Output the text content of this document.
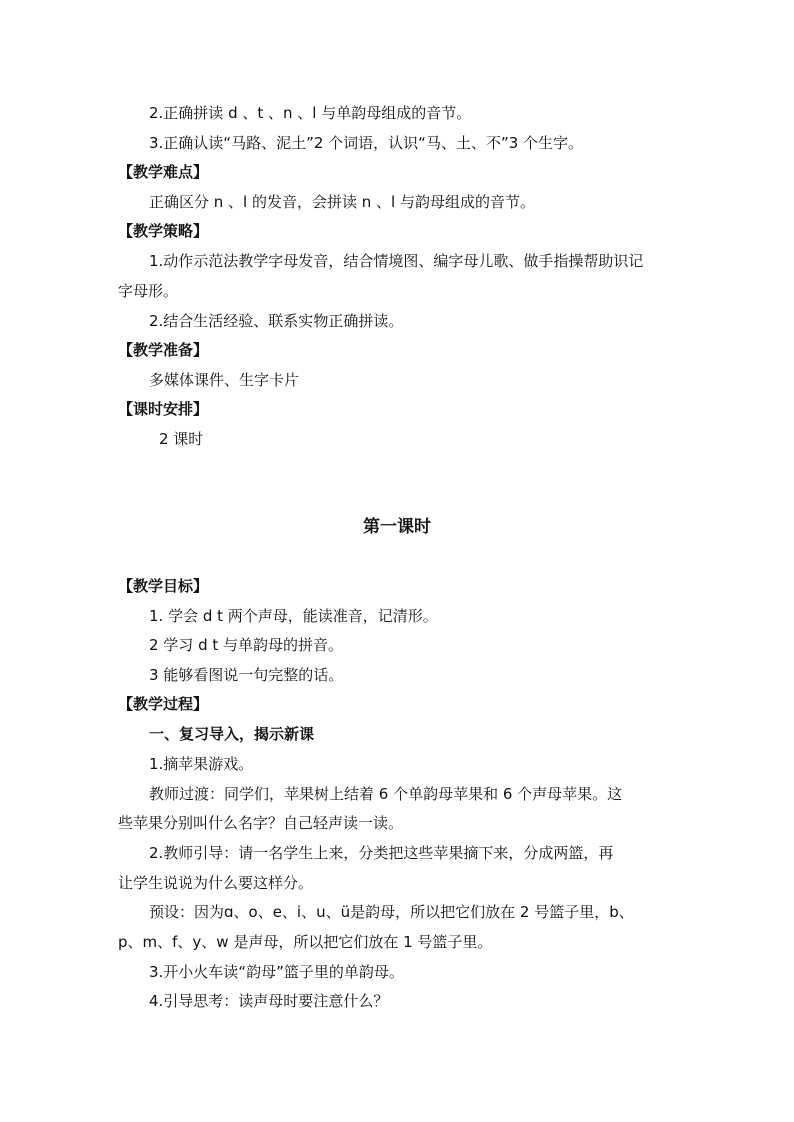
2.正确拼读 d 、t 、n 、l 与单韵母组成的音节。
3.正确认读“马路、泥土”2 个词语，认识“马、土、不”3 个生字。
【教学难点】
正确区分 n 、l 的发音，会拼读 n 、l 与韵母组成的音节。
【教学策略】
1.动作示范法教学字母发音，结合情境图、编字母儿歌、做手指操帮助识记
字母形。
2.结合生活经验、联系实物正确拼读。
【教学准备】
多媒体课件、生字卡片
【课时安排】
2 课时
第一课时
【教学目标】
1. 学会 d t 两个声母，能读准音，记清形。
2 学习 d t 与单韵母的拼音。
3 能够看图说一句完整的话。
【教学过程】
一、复习导入，揭示新课
1.摘苹果游戏。
教师过渡：同学们，苹果树上结着 6 个单韵母苹果和 6 个声母苹果。这
些苹果分别叫什么名字？自己轻声读一读。
2.教师引导：请一名学生上来，分类把这些苹果摘下来，分成两篮，再
让学生说说为什么要这样分。
预设：因为ɑ、o、e、i、u、ü是韵母，所以把它们放在 2 号篮子里，b、
p、m、f、y、w 是声母，所以把它们放在 1 号篮子里。
3.开小火车读“韵母”篮子里的单韵母。
4.引导思考：读声母时要注意什么？
